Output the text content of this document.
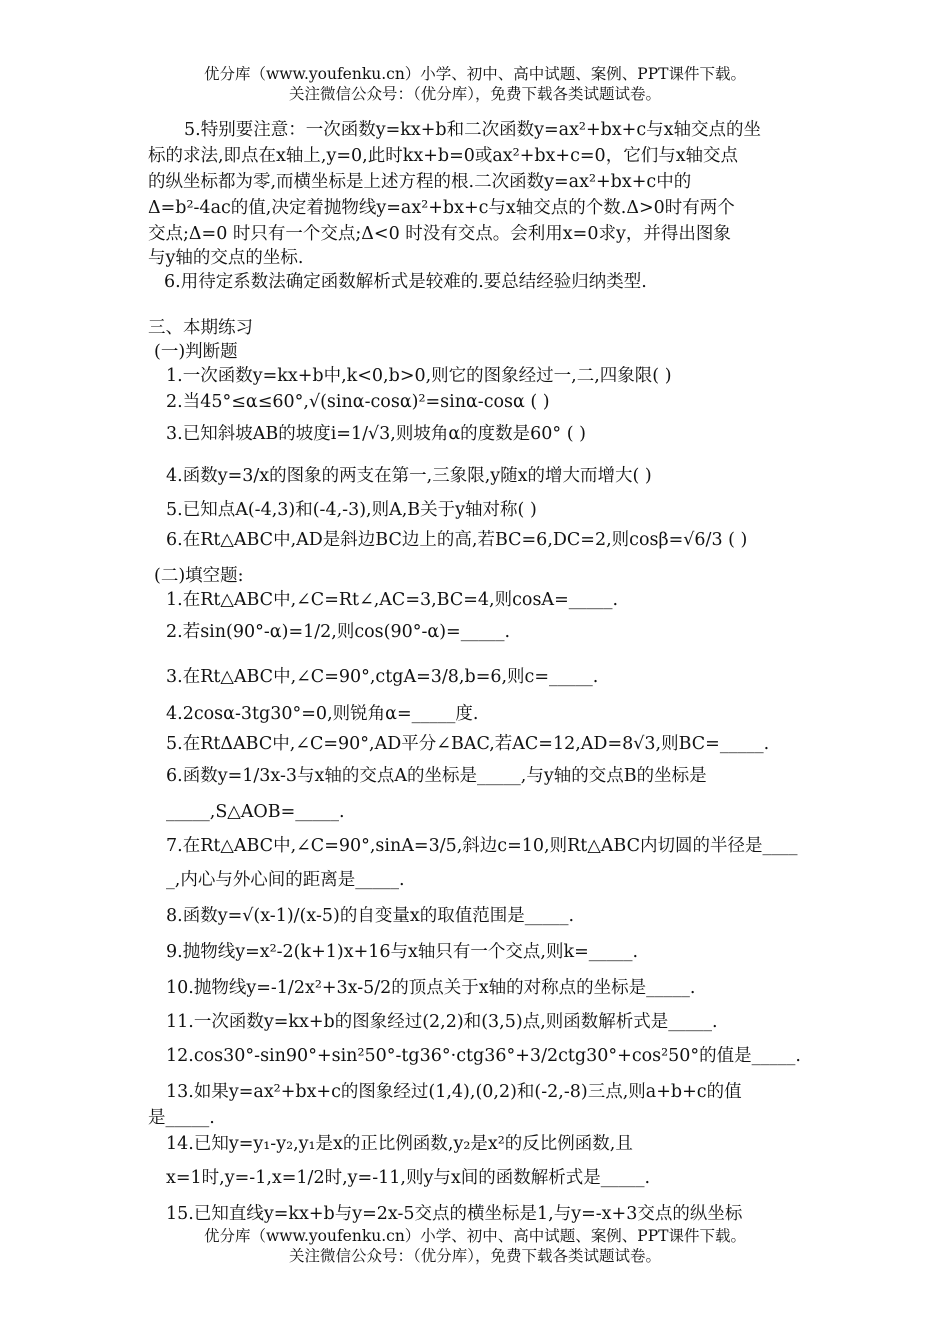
优分库（www.youfenku.cn）小学、初中、高中试题、案例、PPT课件下载。
关注微信公众号：（优分库），免费下载各类试题试卷。
5.特别要注意：一次函数y=kx+b和二次函数y=ax²+bx+c与x轴交点的坐
标的求法,即点在x轴上,y=0,此时kx+b=0或ax²+bx+c=0，它们与x轴交点
的纵坐标都为零,而横坐标是上述方程的根.二次函数y=ax²+bx+c中的
Δ=b²-4ac的值,决定着抛物线y=ax²+bx+c与x轴交点的个数.Δ>0时有两个
交点;Δ=0 时只有一个交点;Δ<0 时没有交点。会利用x=0求y，并得出图象
与y轴的交点的坐标.
6.用待定系数法确定函数解析式是较难的.要总结经验归纳类型.
三、本期练习
(一)判断题
1.一次函数y=kx+b中,k<0,b>0,则它的图象经过一,二,四象限( )
2.当45°≤α≤60°,√(sinα-cosα)²=sinα-cosα ( )
3.已知斜坡AB的坡度i=1/√3,则坡角α的度数是60° ( )
4.函数y=3/x的图象的两支在第一,三象限,y随x的增大而增大( )
5.已知点A(-4,3)和(-4,-3),则A,B关于y轴对称( )
6.在Rt△ABC中,AD是斜边BC边上的高,若BC=6,DC=2,则cosβ=√6/3 ( )
(二)填空题:
1.在Rt△ABC中,∠C=Rt∠,AC=3,BC=4,则cosA=_____.
2.若sin(90°-α)=1/2,则cos(90°-α)=_____.
3.在Rt△ABC中,∠C=90°,ctgA=3/8,b=6,则c=_____.
4.2cosα-3tg30°=0,则锐角α=_____度.
5.在RtΔABC中,∠C=90°,AD平分∠BAC,若AC=12,AD=8√3,则BC=_____.
6.函数y=1/3x-3与x轴的交点A的坐标是_____,与y轴的交点B的坐标是
_____,S△AOB=_____.
7.在Rt△ABC中,∠C=90°,sinA=3/5,斜边c=10,则Rt△ABC内切圆的半径是____
_,内心与外心间的距离是_____.
8.函数y=√(x-1)/(x-5)的自变量x的取值范围是_____.
9.抛物线y=x²-2(k+1)x+16与x轴只有一个交点,则k=_____.
10.抛物线y=-1/2x²+3x-5/2的顶点关于x轴的对称点的坐标是_____.
11.一次函数y=kx+b的图象经过(2,2)和(3,5)点,则函数解析式是_____.
12.cos30°-sin90°+sin²50°-tg36°·ctg36°+3/2ctg30°+cos²50°的值是_____.
13.如果y=ax²+bx+c的图象经过(1,4),(0,2)和(-2,-8)三点,则a+b+c的值
是_____.
14.已知y=y₁-y₂,y₁是x的正比例函数,y₂是x²的反比例函数,且
x=1时,y=-1,x=1/2时,y=-11,则y与x间的函数解析式是_____.
15.已知直线y=kx+b与y=2x-5交点的横坐标是1,与y=-x+3交点的纵坐标
优分库（www.youfenku.cn）小学、初中、高中试题、案例、PPT课件下载。
关注微信公众号：（优分库），免费下载各类试题试卷。
